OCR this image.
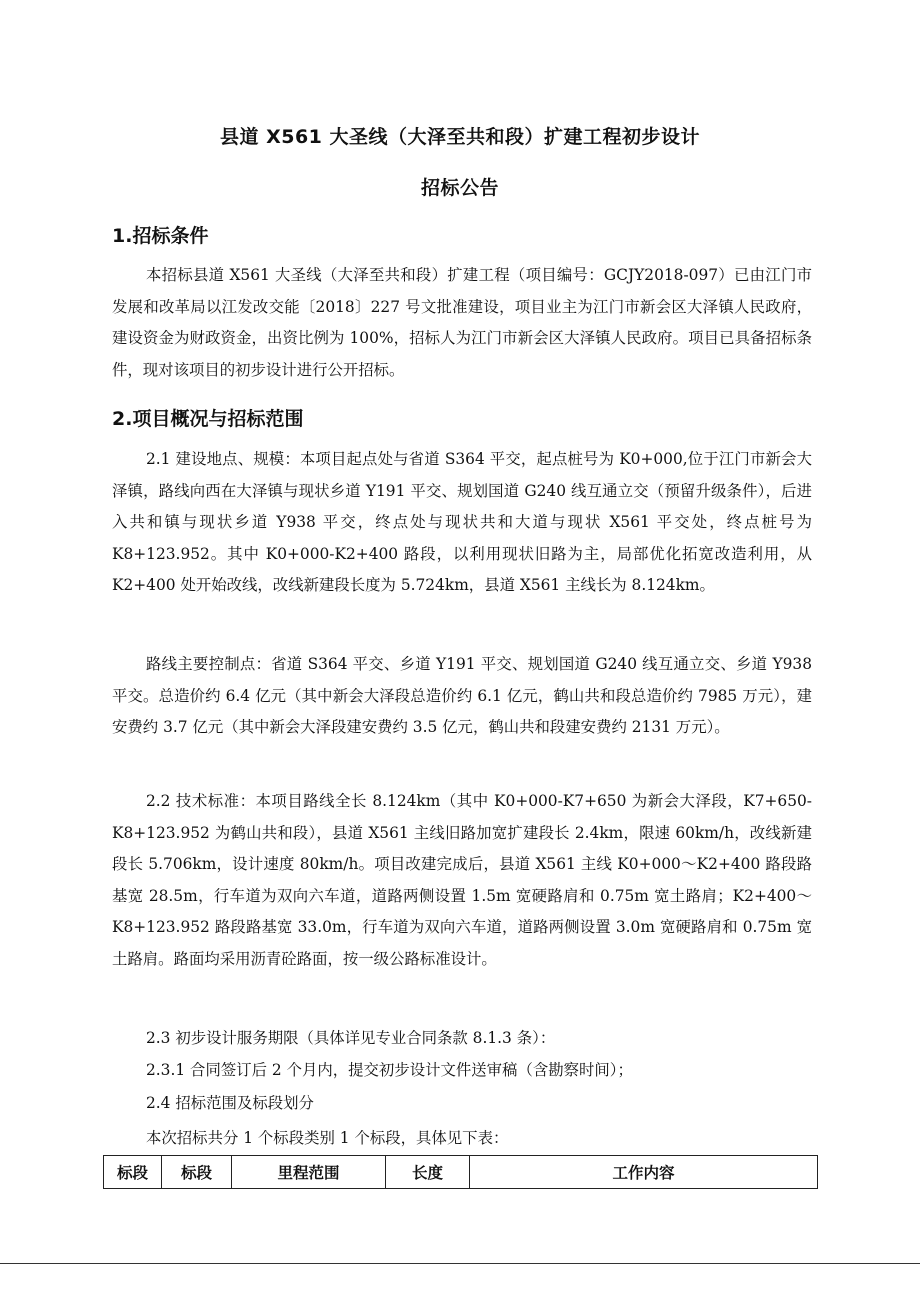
县道 X561 大圣线（大泽至共和段）扩建工程初步设计
招标公告
1.招标条件

本招标县道 X561 大圣线（大泽至共和段）扩建工程（项目编号：GCJY2018-097）已由江门市发展和改革局以江发改交能〔2018〕227 号文批准建设，项目业主为江门市新会区大泽镇人民政府，建设资金为财政资金，出资比例为 100%，招标人为江门市新会区大泽镇人民政府。项目已具备招标条件，现对该项目的初步设计进行公开招标。

2.项目概况与招标范围

2.1 建设地点、规模：本项目起点处与省道 S364 平交，起点桩号为 K0+000,位于江门市新会大泽镇，路线向西在大泽镇与现状乡道 Y191 平交、规划国道 G240 线互通立交（预留升级条件），后进入共和镇与现状乡道 Y938 平交，终点处与现状共和大道与现状 X561 平交处，终点桩号为 K8+123.952。其中 K0+000-K2+400 路段，以利用现状旧路为主，局部优化拓宽改造利用，从 K2+400 处开始改线，改线新建段长度为 5.724km，县道 X561 主线长为 8.124km。

路线主要控制点：省道 S364 平交、乡道 Y191 平交、规划国道 G240 线互通立交、乡道 Y938 平交。总造价约 6.4 亿元（其中新会大泽段总造价约 6.1 亿元，鹤山共和段总造价约 7985 万元），建安费约 3.7 亿元（其中新会大泽段建安费约 3.5 亿元，鹤山共和段建安费约 2131 万元）。

2.2 技术标准：本项目路线全长 8.124km（其中 K0+000-K7+650 为新会大泽段，K7+650-K8+123.952 为鹤山共和段），县道 X561 主线旧路加宽扩建段长 2.4km，限速 60km/h，改线新建段长 5.706km，设计速度 80km/h。项目改建完成后，县道 X561 主线 K0+000～K2+400 路段路基宽 28.5m，行车道为双向六车道，道路两侧设置 1.5m 宽硬路肩和 0.75m 宽土路肩；K2+400～K8+123.952 路段路基宽 33.0m，行车道为双向六车道，道路两侧设置 3.0m 宽硬路肩和 0.75m 宽土路肩。路面均采用沥青砼路面，按一级公路标准设计。

2.3 初步设计服务期限（具体详见专业合同条款 8.1.3 条）：

2.3.1 合同签订后 2 个月内，提交初步设计文件送审稿（含勘察时间）；

2.4 招标范围及标段划分

本次招标共分 1 个标段类别 1 个标段，具体见下表：

标段	标段	里程范围	长度	工作内容
